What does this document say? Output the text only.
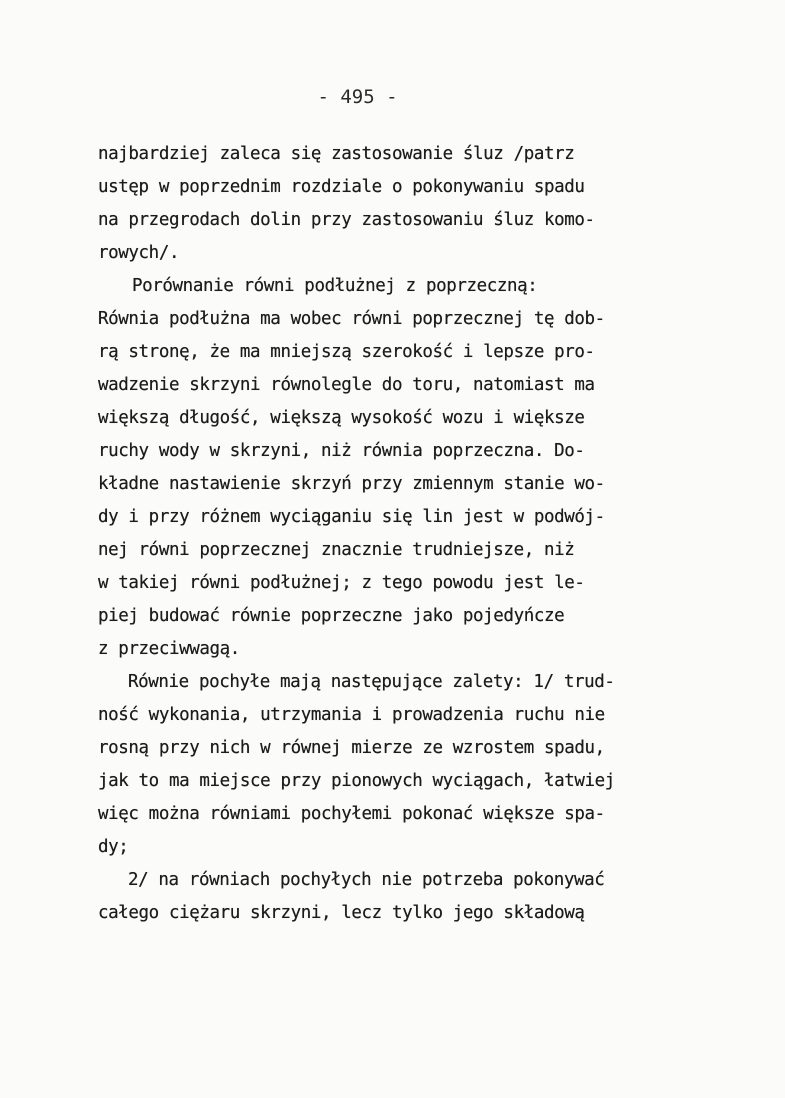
- 495 -
najbardziej zaleca się zastosowanie śluz /patrz
ustęp w poprzednim rozdziale o pokonywaniu spadu
na przegrodach dolin przy zastosowaniu śluz komo-
rowych/.
Porównanie równi podłużnej z poprzeczną:
Równia podłużna ma wobec równi poprzecznej tę dob-
rą stronę, że ma mniejszą szerokość i lepsze pro-
wadzenie skrzyni równolegle do toru, natomiast ma
większą długość, większą wysokość wozu i większe
ruchy wody w skrzyni, niż równia poprzeczna. Do-
kładne nastawienie skrzyń przy zmiennym stanie wo-
dy i przy różnem wyciąganiu się lin jest w podwój-
nej równi poprzecznej znacznie trudniejsze, niż
w takiej równi podłużnej; z tego powodu jest le-
piej budować równie poprzeczne jako pojedyńcze
z przeciwwagą.
Równie pochyłe mają następujące zalety: 1/ trud-
ność wykonania, utrzymania i prowadzenia ruchu nie
rosną przy nich w równej mierze ze wzrostem spadu,
jak to ma miejsce przy pionowych wyciągach, łatwiej
więc można równiami pochyłemi pokonać większe spa-
dy;
2/ na równiach pochyłych nie potrzeba pokonywać
całego ciężaru skrzyni, lecz tylko jego składową
